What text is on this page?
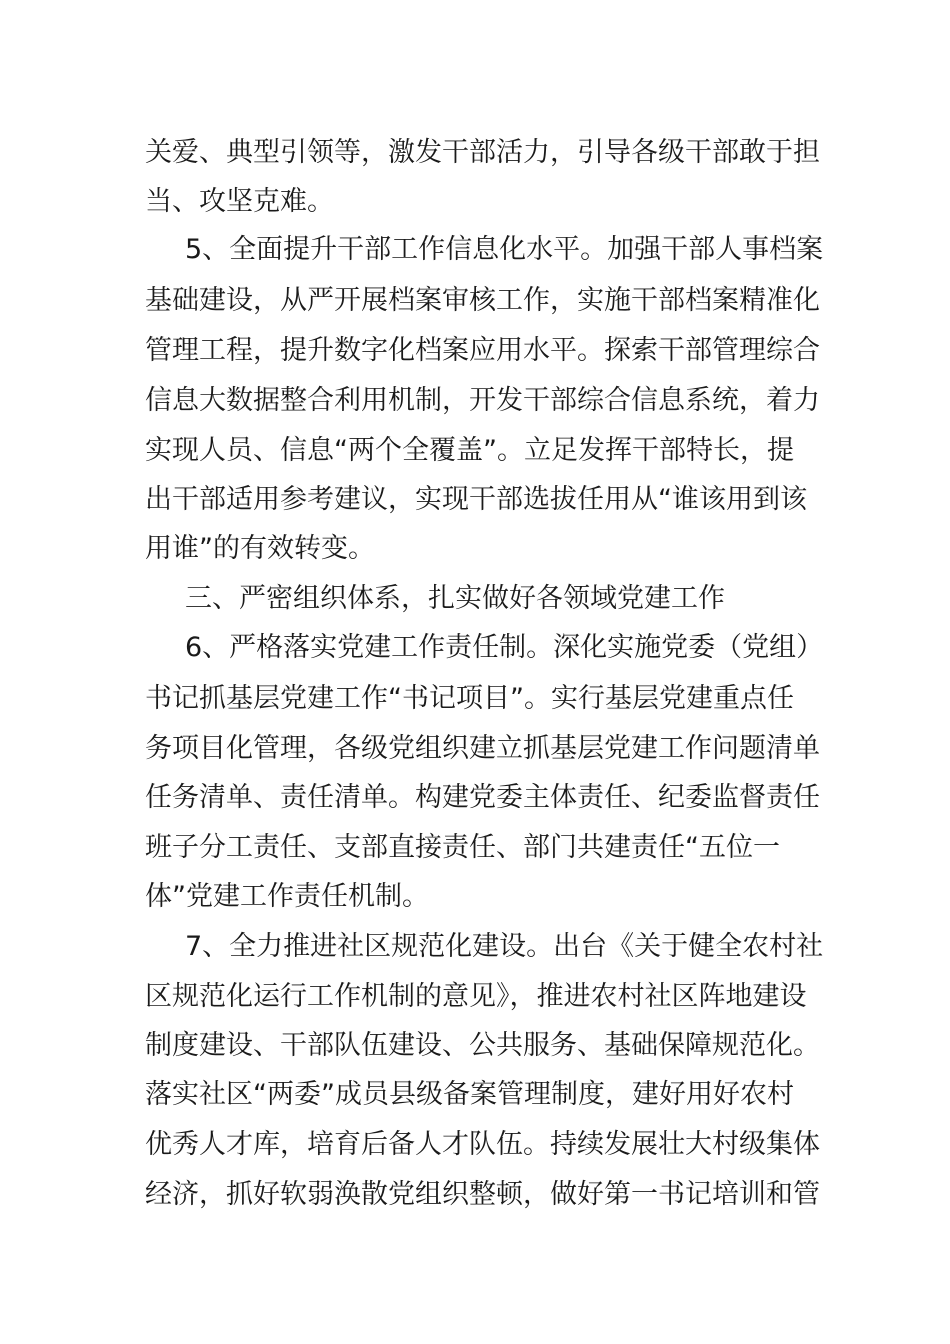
关爱、典型引领等，激发干部活力，引导各级干部敢于担
当、攻坚克难。
5、全面提升干部工作信息化水平。加强干部人事档案
基础建设，从严开展档案审核工作，实施干部档案精准化
管理工程，提升数字化档案应用水平。探索干部管理综合
信息大数据整合利用机制，开发干部综合信息系统，着力
实现人员、信息“两个全覆盖”。立足发挥干部特长，提
出干部适用参考建议，实现干部选拔任用从“谁该用到该
用谁”的有效转变。
三、严密组织体系，扎实做好各领域党建工作
6、严格落实党建工作责任制。深化实施党委（党组）
书记抓基层党建工作“书记项目”。实行基层党建重点任
务项目化管理，各级党组织建立抓基层党建工作问题清单
任务清单、责任清单。构建党委主体责任、纪委监督责任
班子分工责任、支部直接责任、部门共建责任“五位一
体”党建工作责任机制。
7、全力推进社区规范化建设。出台《关于健全农村社
区规范化运行工作机制的意见》，推进农村社区阵地建设
制度建设、干部队伍建设、公共服务、基础保障规范化。
落实社区“两委”成员县级备案管理制度，建好用好农村
优秀人才库，培育后备人才队伍。持续发展壮大村级集体
经济，抓好软弱涣散党组织整顿，做好第一书记培训和管
